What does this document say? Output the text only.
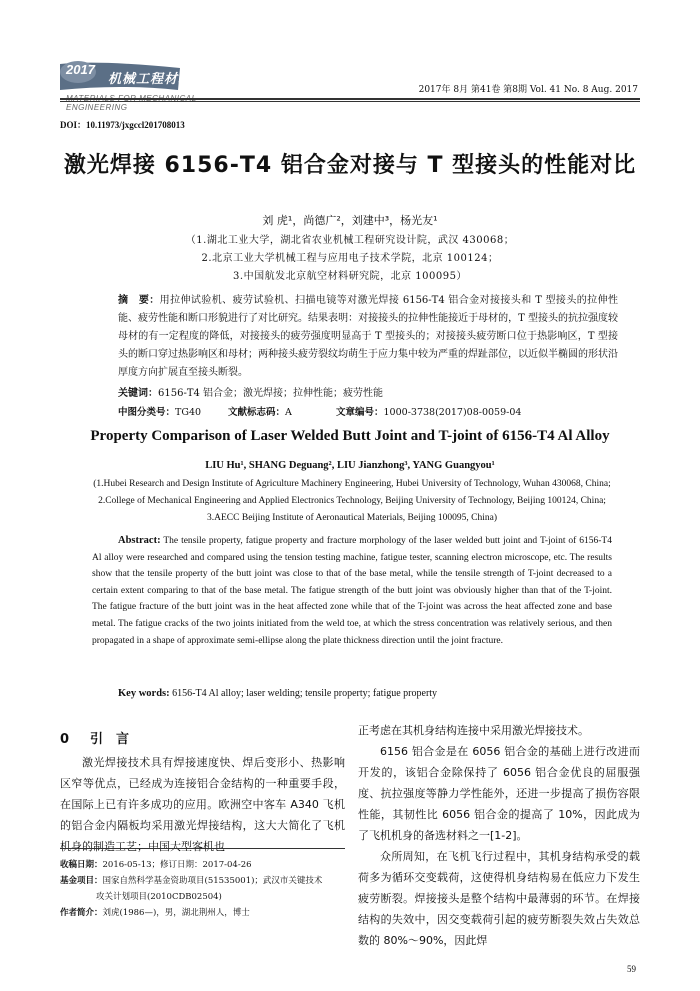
2017
机械工程材料
MATERIALS FOR MECHANICAL ENGINEERING
2017年 8月 第41卷 第8期 Vol. 41 No. 8 Aug. 2017
DOI：10.11973/jxgccl201708013
激光焊接 6156-T4 铝合金对接与 T 型接头的性能对比
刘 虎¹，尚德广²，刘建中³，杨光友¹
（1.湖北工业大学，湖北省农业机械工程研究设计院，武汉 430068；
2.北京工业大学机械工程与应用电子技术学院，北京 100124；
3.中国航发北京航空材料研究院，北京 100095）
摘　要：用拉伸试验机、疲劳试验机、扫描电镜等对激光焊接 6156-T4 铝合金对接接头和 T 型接头的拉伸性能、疲劳性能和断口形貌进行了对比研究。结果表明：对接接头的拉伸性能接近于母材的，T 型接头的抗拉强度较母材的有一定程度的降低，对接接头的疲劳强度明显高于 T 型接头的；对接接头疲劳断口位于热影响区，T 型接头的断口穿过热影响区和母材；两种接头疲劳裂纹均萌生于应力集中较为严重的焊趾部位，以近似半椭圆的形状沿厚度方向扩展直至接头断裂。
关键词：6156-T4 铝合金；激光焊接；拉伸性能；疲劳性能
中图分类号：TG40	文献标志码：A	文章编号：1000-3738(2017)08-0059-04
Property Comparison of Laser Welded Butt Joint and T-joint of 6156-T4 Al Alloy
LIU Hu¹, SHANG Deguang², LIU Jianzhong³, YANG Guangyou¹
(1.Hubei Research and Design Institute of Agriculture Machinery Engineering, Hubei University of Technology, Wuhan 430068, China; 2.College of Mechanical Engineering and Applied Electronics Technology, Beijing University of Technology, Beijing 100124, China; 3.AECC Beijing Institute of Aeronautical Materials, Beijing 100095, China)
Abstract: The tensile property, fatigue property and fracture morphology of the laser welded butt joint and T-joint of 6156-T4 Al alloy were researched and compared using the tension testing machine, fatigue tester, scanning electron microscope, etc. The results show that the tensile property of the butt joint was close to that of the base metal, while the tensile strength of T-joint decreased to a certain extent comparing to that of the base metal. The fatigue strength of the butt joint was obviously higher than that of the T-joint. The fatigue fracture of the butt joint was in the heat affected zone while that of the T-joint was across the heat affected zone and base metal. The fatigue cracks of the two joints initiated from the weld toe, at which the stress concentration was relatively serious, and then propagated in a shape of approximate semi-ellipse along the plate thickness direction until the joint fracture.
Key words: 6156-T4 Al alloy; laser welding; tensile property; fatigue property
0 引　言

激光焊接技术具有焊接速度快、焊后变形小、热影响区窄等优点，已经成为连接铝合金结构的一种重要手段，在国际上已有许多成功的应用。欧洲空中客车 A340 飞机的铝合金内隔板均采用激光焊接结构，这大大简化了飞机机身的制造工艺；中国大型客机也

正考虑在其机身结构连接中采用激光焊接技术。

6156 铝合金是在 6056 铝合金的基础上进行改进而开发的，该铝合金除保持了 6056 铝合金优良的屈服强度、抗拉强度等静力学性能外，还进一步提高了损伤容限性能，其韧性比 6056 铝合金的提高了 10%，因此成为了飞机机身的备选材料之一[1-2]。

众所周知，在飞机飞行过程中，其机身结构承受的载荷多为循环交变载荷，这使得机身结构易在低应力下发生疲劳断裂。焊接接头是整个结构中最薄弱的环节。在焊接结构的失效中，因交变载荷引起的疲劳断裂失效占失效总数的 80%～90%，因此焊

收稿日期：2016-05-13；修订日期：2017-04-26
基金项目：国家自然科学基金资助项目(51535001)；武汉市关键技术
攻关计划项目(2010CDB02504)
作者简介：刘虎(1986—)，男，湖北荆州人，博士
59
